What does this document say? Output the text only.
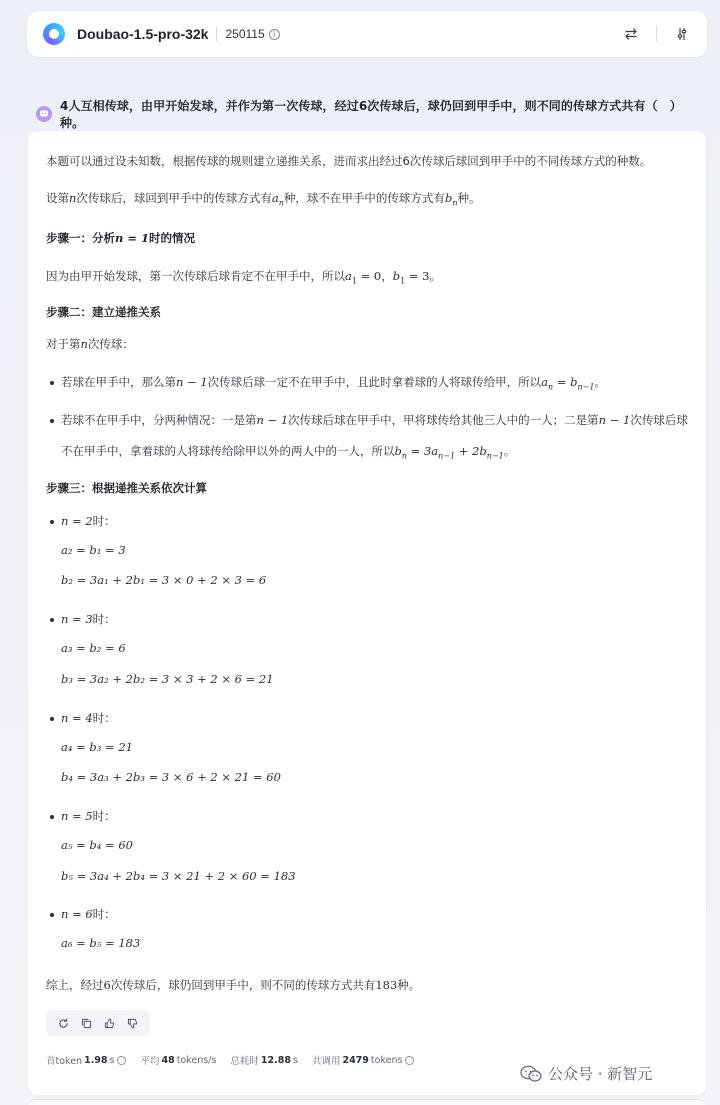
Doubao-1.5-pro-32k 250115	i
4人互相传球，由甲开始发球，并作为第一次传球，经过6次传球后，球仍回到甲手中，则不同的传球方式共有（　）种。
本题可以通过设未知数，根据传球的规则建立递推关系，进而求出经过6次传球后球回到甲手中的不同传球方式的种数。
设第n次传球后，球回到甲手中的传球方式有$a_n$种，球不在甲手中的传球方式有$b_n$种。
步骤一：分析n = 1时的情况
因为由甲开始发球，第一次传球后球肯定不在甲手中，所以$a_1 = 0$，$b_1 = 3$。
步骤二：建立递推关系
对于第n次传球：
若球在甲手中，那么第n − 1次传球后球一定不在甲手中，且此时拿着球的人将球传给甲，所以$a_n = b_{n-1}$。
若球不在甲手中，分两种情况：一是第n − 1次传球后球在甲手中，甲将球传给其他三人中的一人；二是第n − 1次传球后球
不在甲手中，拿着球的人将球传给除甲以外的两人中的一人，所以$b_n = 3a_{n-1} + 2b_{n-1}$。
步骤三：根据递推关系依次计算
n = 2时：
a₂ = b₁ = 3
b₂ = 3a₁ + 2b₁ = 3 × 0 + 2 × 3 = 6
n = 3时：
a₃ = b₂ = 6
b₃ = 3a₂ + 2b₂ = 3 × 3 + 2 × 6 = 21
n = 4时：
a₄ = b₃ = 21
b₄ = 3a₃ + 2b₃ = 3 × 6 + 2 × 21 = 60
n = 5时：
a₅ = b₄ = 60
b₅ = 3a₄ + 2b₄ = 3 × 21 + 2 × 60 = 183
n = 6时：
a₆ = b₅ = 183
综上，经过6次传球后，球仍回到甲手中，则不同的传球方式共有183种。
首token 1.98 s	平均 48 tokens/s 总耗时 12.88 s 共调用 2479 tokens
公众号 · 新智元
